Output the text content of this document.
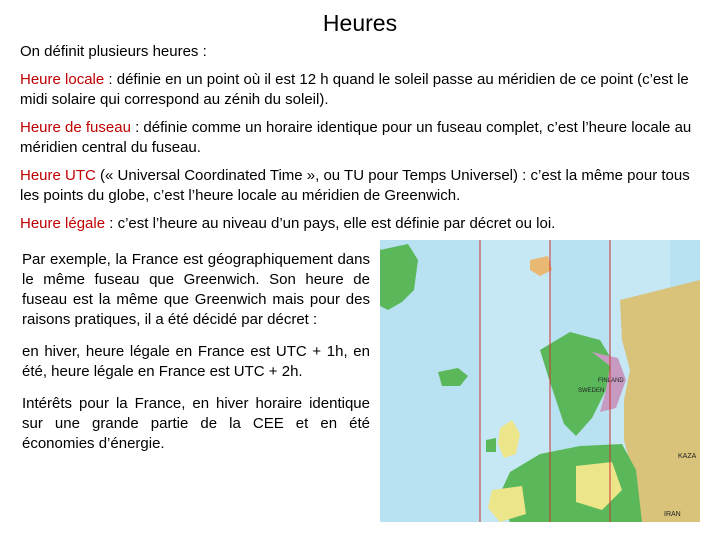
Heures
On définit plusieurs heures :
Heure locale : définie en un point où il est 12 h quand le soleil passe au méridien de ce point (c’est le midi solaire qui correspond au zénih du soleil).
Heure de fuseau : définie comme un horaire identique pour un fuseau complet, c’est l’heure locale au méridien central du fuseau.
Heure UTC (« Universal Coordinated Time », ou TU pour Temps Universel) : c’est la même pour tous les points du globe, c’est l’heure locale au méridien de Greenwich.
Heure légale : c’est l’heure au niveau d’un pays, elle est définie par décret ou loi.

Par exemple, la France est géographiquement dans le même fuseau que Greenwich. Son heure de fuseau est la même que Greenwich mais pour des raisons pratiques, il a été décidé par décret :

en hiver, heure légale en France est UTC + 1h, en été, heure légale en France est UTC + 2h.

Intérêts pour la France, en hiver horaire identique sur une grande partie de la CEE et en été économies d’énergie.

SWEDEN
FINLAND
IRAN
KAZA
